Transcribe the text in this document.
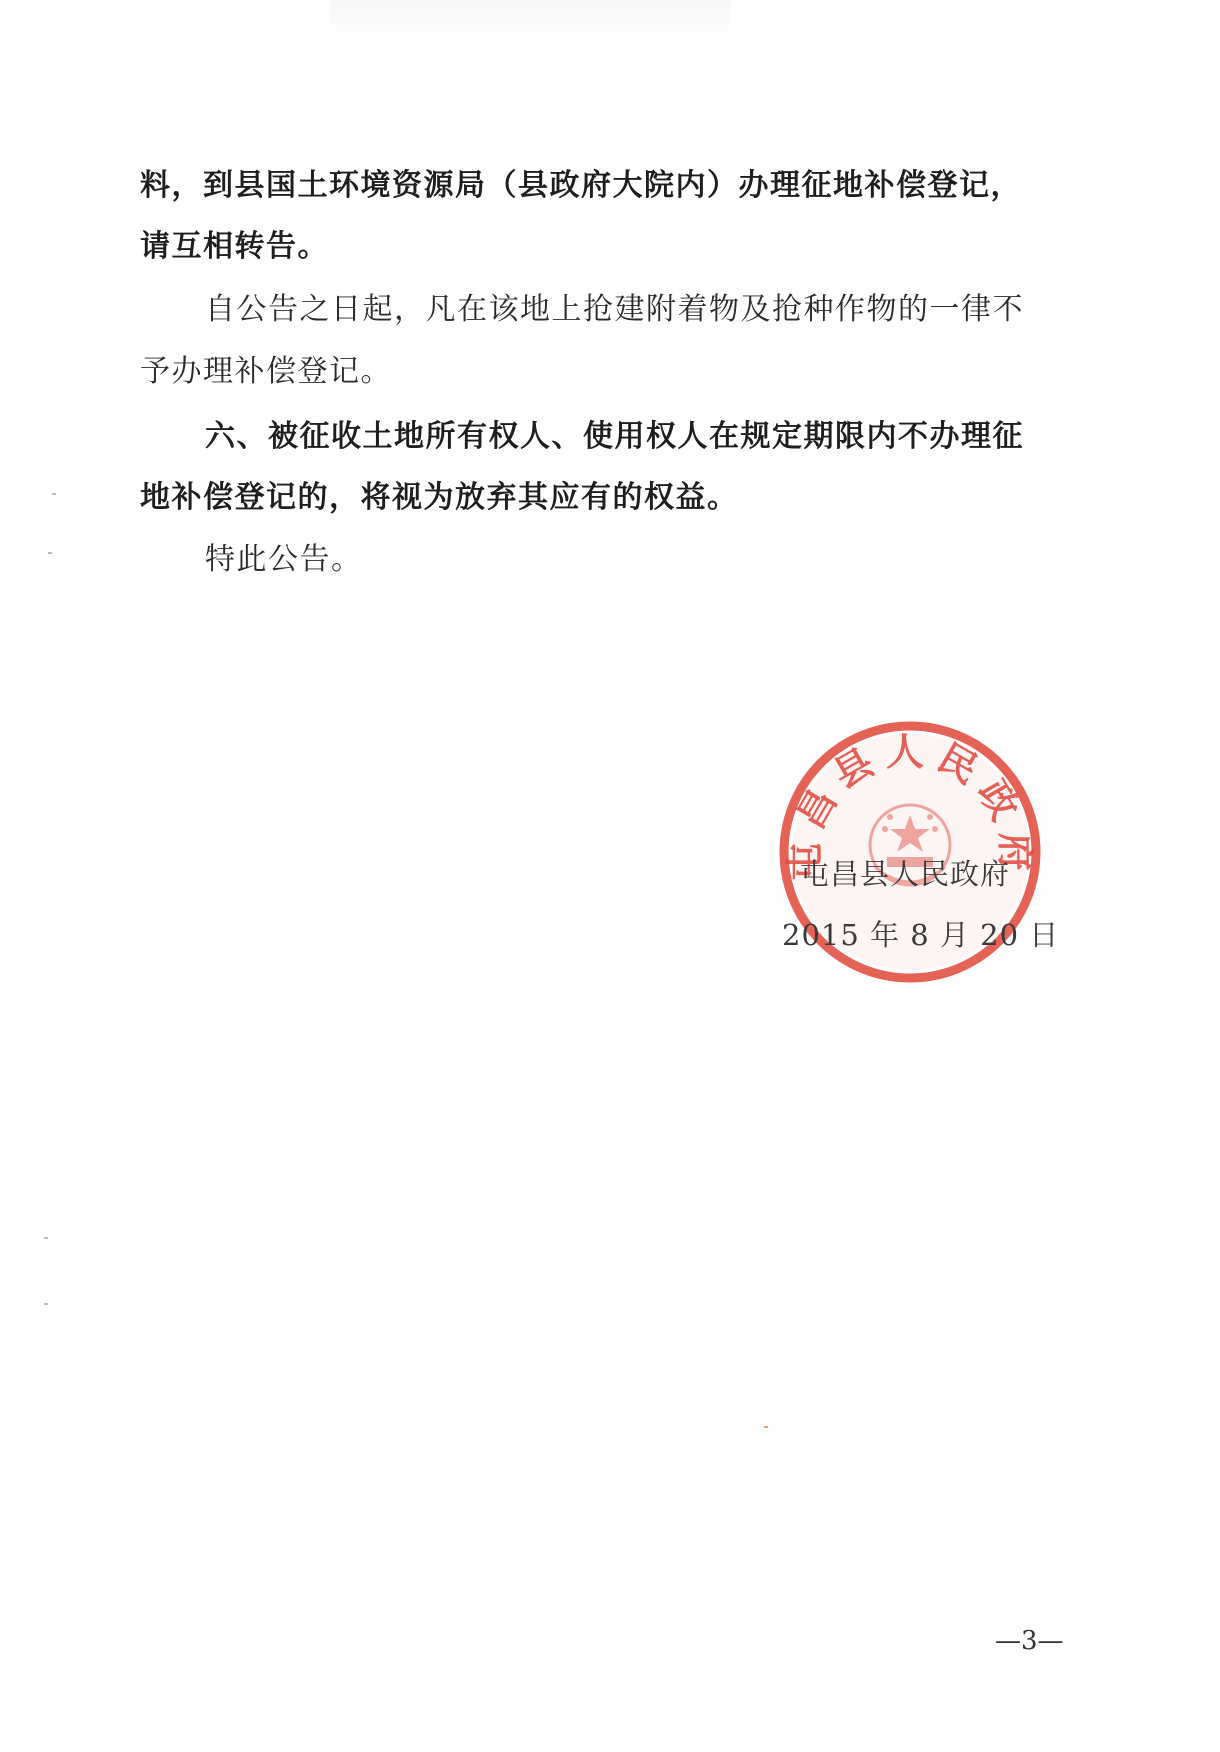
料，到县国土环境资源局（县政府大院内）办理征地补偿登记，
请互相转告。
自公告之日起，凡在该地上抢建附着物及抢种作物的一律不
予办理补偿登记。
六、被征收土地所有权人、使用权人在规定期限内不办理征
地补偿登记的，将视为放弃其应有的权益。
特此公告。
屯昌县人民政府
屯昌县人民政府
2015 年 8 月 20 日
—3—
